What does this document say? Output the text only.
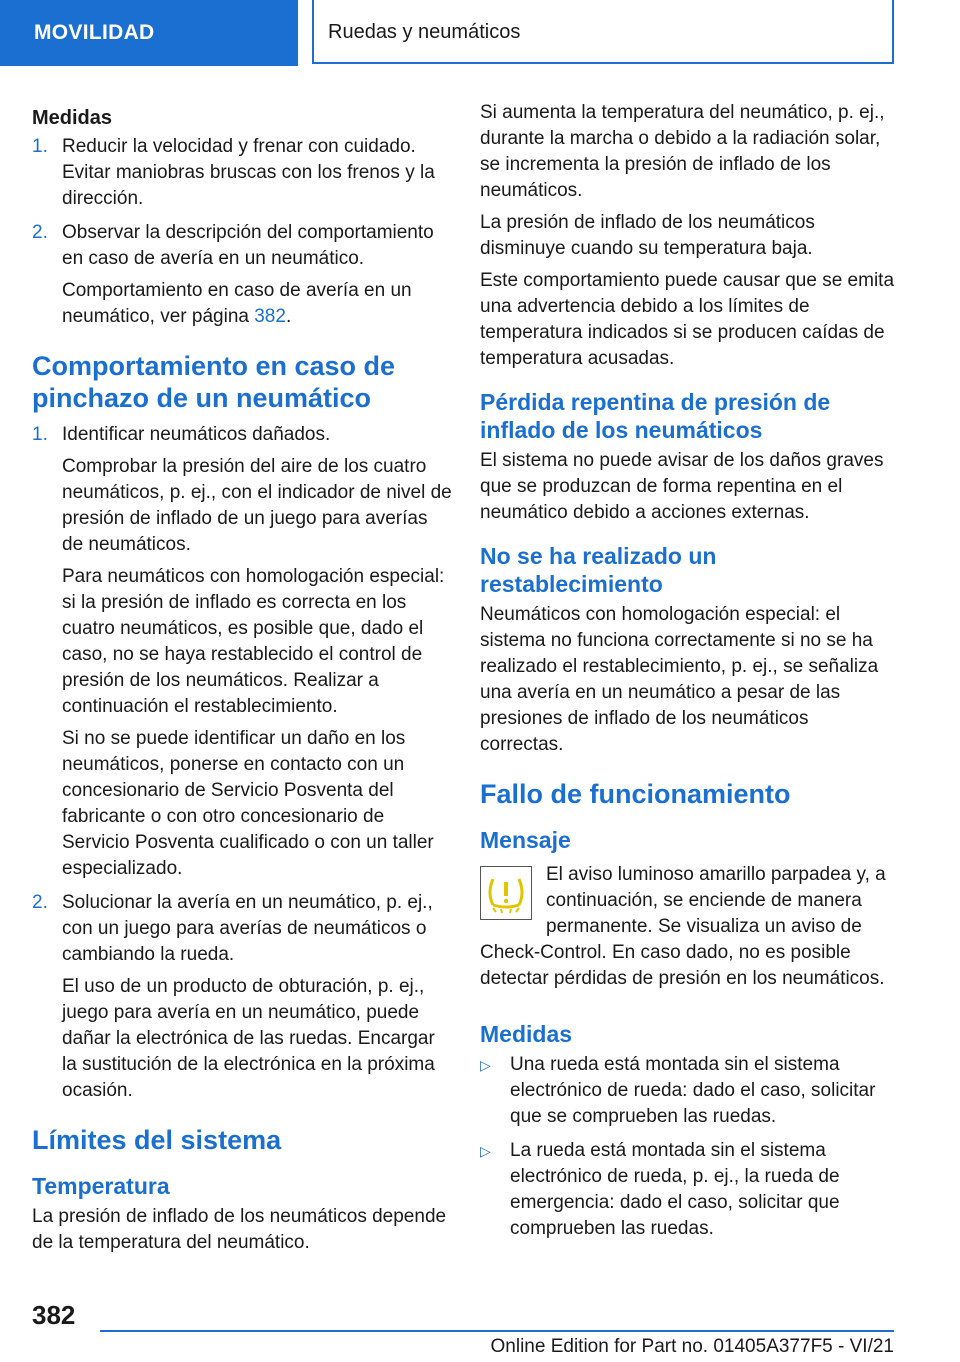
MOVILIDAD	Ruedas y neumáticos

Medidas

1. Reducir la velocidad y frenar con cuidado. Evitar maniobras bruscas con los frenos y la dirección.

2. Observar la descripción del comportamiento en caso de avería en un neumático.

Comportamiento en caso de avería en un neumático, ver página 382.

Comportamiento en caso de pinchazo de un neumático
1. Identificar neumáticos dañados.

Comprobar la presión del aire de los cuatro neumáticos, p. ej., con el indicador de nivel de presión de inflado de un juego para averías de neumáticos.

Para neumáticos con homologación especial: si la presión de inflado es correcta en los cuatro neumáticos, es posible que, dado el caso, no se haya restablecido el control de presión de los neumáticos. Realizar a continuación el restablecimiento.

Si no se puede identificar un daño en los neumáticos, ponerse en contacto con un concesionario de Servicio Posventa del fabricante o con otro concesionario de Servicio Posventa cualificado o con un taller especializado.

2. Solucionar la avería en un neumático, p. ej., con un juego para averías de neumáticos o cambiando la rueda.

El uso de un producto de obturación, p. ej., juego para avería en un neumático, puede dañar la electrónica de las ruedas. Encargar la sustitución de la electrónica en la próxima ocasión.

Límites del sistema
Temperatura

La presión de inflado de los neumáticos depende de la temperatura del neumático.

Si aumenta la temperatura del neumático, p. ej., durante la marcha o debido a la radiación solar, se incrementa la presión de inflado de los neumáticos.

La presión de inflado de los neumáticos disminuye cuando su temperatura baja.

Este comportamiento puede causar que se emita una advertencia debido a los límites de temperatura indicados si se producen caídas de temperatura acusadas.

Pérdida repentina de presión de inflado de los neumáticos

El sistema no puede avisar de los daños graves que se produzcan de forma repentina en el neumático debido a acciones externas.

No se ha realizado un restablecimiento

Neumáticos con homologación especial: el sistema no funciona correctamente si no se ha realizado el restablecimiento, p. ej., se señaliza una avería en un neumático a pesar de las presiones de inflado de los neumáticos correctas.

Fallo de funcionamiento
Mensaje

El aviso luminoso amarillo parpadea y, a continuación, se enciende de manera permanente. Se visualiza un aviso de Check-Control. En caso dado, no es posible detectar pérdidas de presión en los neumáticos.

Medidas
▷ Una rueda está montada sin el sistema electrónico de rueda: dado el caso, solicitar que se comprueben las ruedas.

▷ La rueda está montada sin el sistema electrónico de rueda, p. ej., la rueda de emergencia: dado el caso, solicitar que comprueben las ruedas.

382
Online Edition for Part no. 01405A377F5 - VI/21
